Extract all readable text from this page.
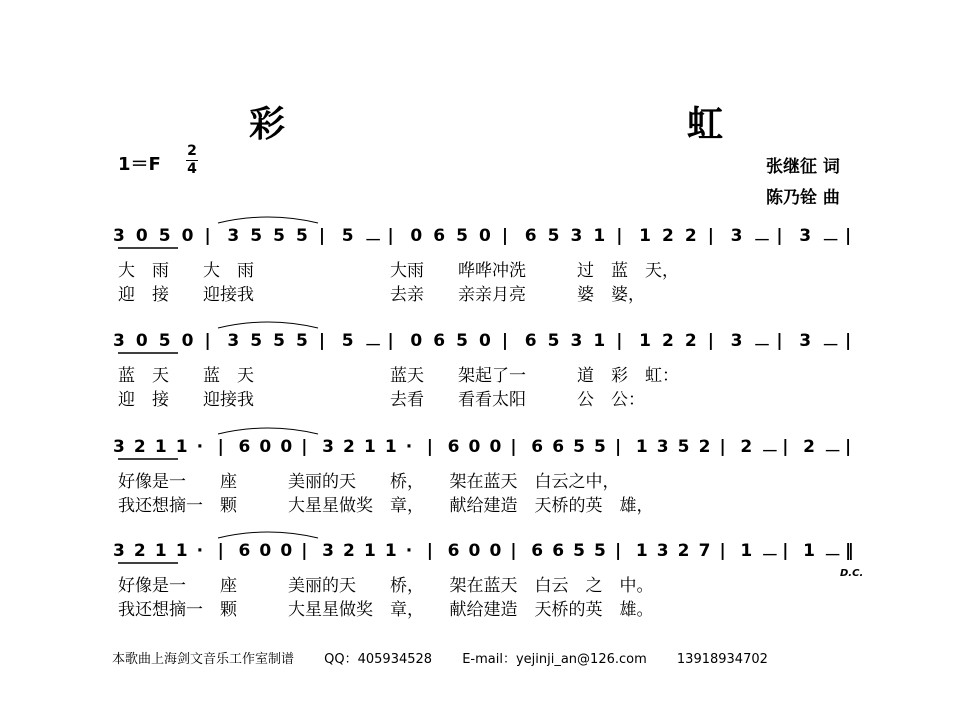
彩　　虹
1＝F
2
4	张继征 词
陈乃铨 曲
3 0 5 0 | 3 5 5 5 | 5 － | 0 6 5 0 | 6 5 3 1 | 1 2 2 | 3 － | 3 － |
大　雨　　大　雨　　　　　　　　大雨　　哗哗冲洗　　　过　蓝　天，
迎　接　　迎接我　　　　　　　　去亲　　亲亲月亮　　　婆　婆，
3 0 5 0 | 3 5 5 5 | 5 － | 0 6 5 0 | 6 5 3 1 | 1 2 2 | 3 － | 3 － |
蓝　天　　蓝　天　　　　　　　　蓝天　　架起了一　　　道　彩　虹：
迎　接　　迎接我　　　　　　　　去看　　看看太阳　　　公　公：
3 2 1 1 · | 6 0 0 | 3 2 1 1 · | 6 0 0 | 6 6 5 5 | 1 3 5 2 | 2 － | 2 － |
好像是一　　座　　　美丽的天　　桥，　　架在蓝天　白云之中，
我还想摘一　颗　　　大星星做奖　章，　　献给建造　天桥的英　雄，
3 2 1 1 · | 6 0 0 | 3 2 1 1 · | 6 0 0 | 6 6 5 5 | 1 3 2 7 | 1 － | 1 － ‖
好像是一　　座　　　美丽的天　　桥，　　架在蓝天　白云　之　中。
我还想摘一　颗　　　大星星做奖　章，　　献给建造　天桥的英　雄。
D.C.
本歌曲上海剑文音乐工作室制谱 QQ：405934528 E-mail：yejinji_an@126.com 13918934702
